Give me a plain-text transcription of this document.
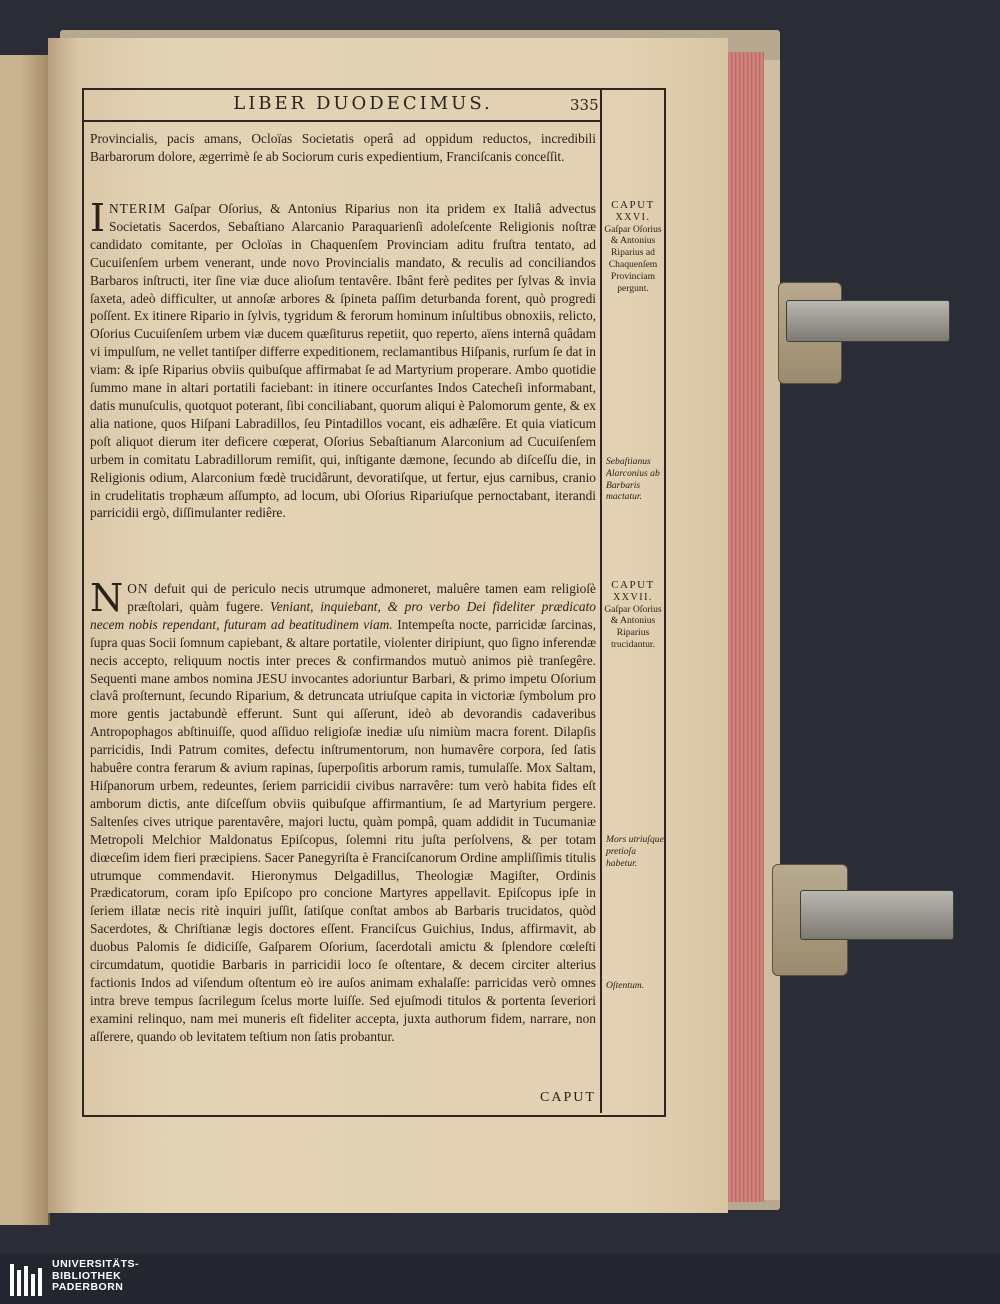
LIBER DUODECIMUS.	335
Provincialis, pacis amans, Ocloïas Societatis operâ ad oppidum reductos, incredibili Barbarorum dolore, ægerrimè ſe ab Sociorum curis expedientium, Franciſcanis conceſſit.
INTERIM Gaſpar Oſorius, & Antonius Riparius non ita pridem ex Italiâ advectus Societatis Sacerdos, Sebaſtiano Alarcanio Paraquarienſi adoleſcente Religionis noſtræ candidato comitante, per Ocloïas in Chaquenſem Provinciam aditu fruſtra tentato, ad Cucuiſenſem urbem venerant, unde novo Provincialis mandato, & reculis ad conciliandos Barbaros inſtructi, iter ſine viæ duce alioſum tentavêre. Ibânt ferè pedites per ſylvas & invia ſaxeta, adeò difficulter, ut annoſæ arbores & ſpineta paſſim deturbanda forent, quò progredi poſſent. Ex itinere Ripario in ſylvis, tygridum & ferorum hominum inſultibus obnoxiis, relicto, Oſorius Cucuiſenſem urbem viæ ducem quæſiturus repetiit, quo reperto, aïens internâ quâdam vi impulſum, ne vellet tantiſper differre expeditionem, reclamantibus Hiſpanis, rurſum ſe dat in viam: & ipſe Riparius obviis quibuſque affirmabat ſe ad Martyrium properare. Ambo quotidie ſummo mane in altari portatili faciebant: in itinere occurſantes Indos Catecheſi informabant, datis munuſculis, quotquot poterant, ſibi conciliabant, quorum aliqui è Palomorum gente, & ex alia natione, quos Hiſpani Labradillos, ſeu Pintadillos vocant, eis adhæſêre. Et quia viaticum poſt aliquot dierum iter deficere cœperat, Oſorius Sebaſtianum Alarconium ad Cucuiſenſem urbem in comitatu Labradillorum remiſit, qui, inſtigante dæmone, ſecundo ab diſceſſu die, in Religionis odium, Alarconium fœdè trucidârunt, devoratiſque, ut fertur, ejus carnibus, cranio in crudelitatis trophæum aſſumpto, ad locum, ubi Oſorius Ripariuſque pernoctabant, iterandi parricidii ergò, diſſimulanter rediêre.
NON defuit qui de periculo necis utrumque admoneret, maluêre tamen eam religioſè præſtolari, quàm fugere. Veniant, inquiebant, & pro verbo Dei fideliter prædicato necem nobis rependant, futuram ad beatitudinem viam. Intempeſta nocte, parricidæ ſarcinas, ſupra quas Socii ſomnum capiebant, & altare portatile, violenter diripiunt, quo ſigno inferendæ necis accepto, reliquum noctis inter preces & confirmandos mutuò animos piè tranſegêre. Sequenti mane ambos nomina JESU invocantes adoriuntur Barbari, & primo impetu Oſorium clavâ proſternunt, ſecundo Riparium, & detruncata utriuſque capita in victoriæ ſymbolum pro more gentis jactabundè efferunt. Sunt qui aſſerunt, ideò ab devorandis cadaveribus Antropophagos abſtinuiſſe, quod aſſiduo religioſæ inediæ uſu nimiùm macra forent. Dilapſis parricidis, Indi Patrum comites, defectu inſtrumentorum, non humavêre corpora, ſed ſatis habuêre contra ferarum & avium rapinas, ſuperpoſitis arborum ramis, tumulaſſe. Mox Saltam, Hiſpanorum urbem, redeuntes, ſeriem parricidii civibus narravêre: tum verò habita fides eſt amborum dictis, ante diſceſſum obviis quibuſque affirmantium, ſe ad Martyrium pergere. Saltenſes cives utrique parentavêre, majori luctu, quàm pompâ, quam addidit in Tucumaniæ Metropoli Melchior Maldonatus Epiſcopus, ſolemni ritu juſta perſolvens, & per totam diœceſim idem fieri præcipiens. Sacer Panegyriſta è Franciſcanorum Ordine ampliſſimis titulis utrumque commendavit. Hieronymus Delgadillus, Theologiæ Magiſter, Ordinis Prædicatorum, coram ipſo Epiſcopo pro concione Martyres appellavit. Epiſcopus ipſe in ſeriem illatæ necis ritè inquiri juſſit, ſatiſque conſtat ambos ab Barbaris trucidatos, quòd Sacerdotes, & Chriſtianæ legis doctores eſſent. Franciſcus Guichius, Indus, affirmavit, ab duobus Palomis ſe didiciſſe, Gaſparem Oſorium, ſacerdotali amictu & ſplendore cœleſti circumdatum, quotidie Barbaris in parricidii loco ſe oſtentare, & decem circiter alterius factionis Indos ad viſendum oſtentum eò ire auſos animam exhalaſſe: parricidas verò omnes intra breve tempus ſacrilegum ſcelus morte luiſſe. Sed ejuſmodi titulos & portenta ſeveriori examini relinquo, nam mei muneris eſt fideliter accepta, juxta authorum fidem, narrare, non aſſerere, quando ob levitatem teſtium non ſatis probantur.
CAPUT
XXVI.
Gaſpar Oſorius & Antonius Riparius ad Chaquenſem Provinciam pergunt.
Sebaſtianus Alarconius ab Barbaris mactatur.
CAPUT
XXVII.
Gaſpar Oſorius & Antonius Riparius trucidantur.
Mors utriuſque pretioſa habetur.
Oſtentum.
CAPUT
UNIVERSITÄTS-
BIBLIOTHEK
PADERBORN
